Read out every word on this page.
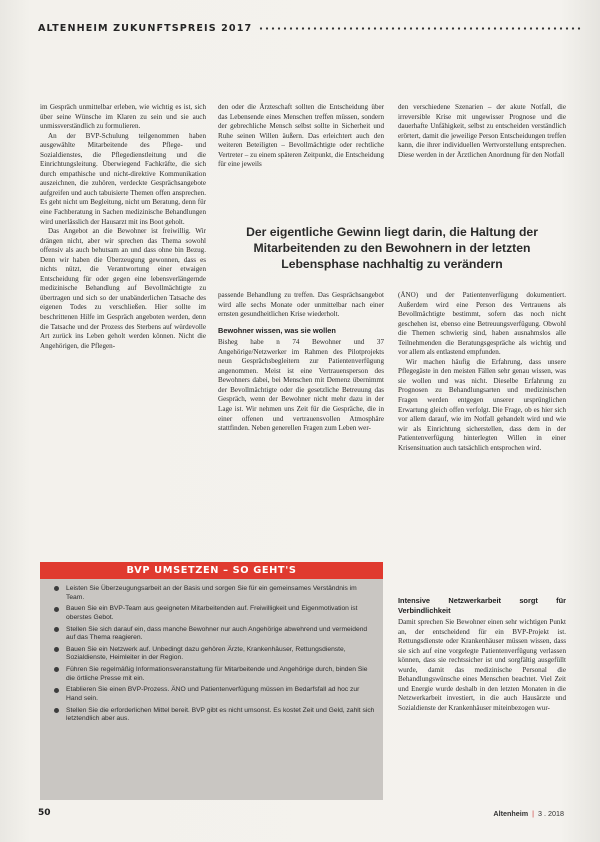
ALTENHEIM ZUKUNFTSPREIS 2017

im Gespräch unmittelbar erleben, wie wichtig es ist, sich über seine Wünsche im Klaren zu sein und sie auch unmissverständlich zu formulieren.

An der BVP-Schulung teilgenommen haben ausgewählte Mitarbeitende des Pflege- und Sozialdienstes, die Pflegedienstleitung und die Einrichtungsleitung. Überwiegend Fachkräfte, die sich durch empathische und nicht-direktive Kommunikation auszeichnen, die zuhören, verdeckte Gesprächsangebote aufgreifen und auch tabuisierte Themen offen ansprechen. Es geht nicht um Begleitung, nicht um Beratung, denn für eine Fachberatung in Sachen medizinische Behandlungen wird unerlässlich der Hausarzt mit ins Boot geholt.

Das Angebot an die Bewohner ist freiwillig. Wir drängen nicht, aber wir sprechen das Thema sowohl offensiv als auch behutsam an und dass ohne bin Bezug. Denn wir haben die Überzeugung gewonnen, dass es nichts nützt, die Verantwortung einer etwaigen Entscheidung für oder gegen eine lebensverlängernde medizinische Behandlung auf Bevollmächtigte zu übertragen und sich so der unabänderlichen Tatsache des eigenen Todes zu verschließen. Hier sollte im beschrittenen Hilfe im Gespräch angeboten werden, denn die Tatsache und der Prozess des Sterbens auf würdevolle Art zurück ins Leben geholt werden können. Nicht die Angehörigen, die Pflegen-

den oder die Ärzteschaft sollten die Entscheidung über das Lebensende eines Menschen treffen müssen, sondern der gebrechliche Mensch selbst sollte in Sicherheit und Ruhe seinen Willen äußern. Das erleichtert auch den weiteren Beteiligten – Bevollmächtigte oder rechtliche Vertreter – zu einem späteren Zeitpunkt, die Entscheidung für eine jeweils

den verschiedene Szenarien – der akute Notfall, die irreversible Krise mit ungewisser Prognose und die dauerhafte Unfähigkeit, selbst zu entscheiden verständlich erörtert, damit die jeweilige Person Entscheidungen treffen kann, die ihrer individuellen Wertvorstellung entsprechen. Diese werden in der Ärztlichen Anordnung für den Notfall

Der eigentliche Gewinn liegt darin, die Haltung der Mitarbeitenden zu den Bewohnern in der letzten Lebensphase nachhaltig zu verändern

passende Behandlung zu treffen. Das Gesprächsangebot wird alle sechs Monate oder unmittelbar nach einer ernsten gesundheitlichen Krise wiederholt.

Bewohner wissen, was sie wollen

Bisheg habe n 74 Bewohner und 37 Angehörige/Netzwerker im Rahmen des Pilotprojekts neun Gesprächsbegleitern zur Patientenverfügung angenommen. Meist ist eine Vertrauensperson des Bewohners dabei, bei Menschen mit Demenz übernimmt der Bevollmächtigte oder die gesetzliche Betreuung das Gespräch, wenn der Bewohner nicht mehr dazu in der Lage ist. Wir nehmen uns Zeit für die Gespräche, die in einer offenen und vertrauensvollen Atmosphäre stattfinden. Neben generellen Fragen zum Leben wer-

(ÄNO) und der Patientenverfügung dokumentiert. Außerdem wird eine Person des Vertrauens als Bevollmächtigte bestimmt, sofern das noch nicht geschehen ist, ebenso eine Betreuungsverfügung. Obwohl die Themen schwierig sind, haben ausnahmslos alle Teilnehmenden die Beratungsgespräche als wichtig und vor allem als entlastend empfunden.

Wir machen häufig die Erfahrung, dass unsere Pflegegäste in den meisten Fällen sehr genau wissen, was sie wollen und was nicht. Dieselbe Erfahrung zu Prognosen zu Behandlungsarten und medizinischen Fragen werden entgegen unserer ursprünglichen Erwartung gleich offen verfolgt. Die Frage, ob es hier sich vor allem darauf, wie im Notfall gehandelt wird und wie wir als Einrichtung sicherstellen, dass dem in der Patientenverfügung hinterlegten Willen in einer Krisensituation auch tatsächlich entsprochen wird.

Intensive Netzwerkarbeit sorgt für Verbindlichkeit

Damit sprechen Sie Bewohner einen sehr wichtigen Punkt an, der entscheidend für ein BVP-Projekt ist. Rettungsdienste oder Krankenhäuser müssen wissen, dass sie sich auf eine vorgelegte Patientenverfügung verlassen können, dass sie rechtssicher ist und sorgfältig ausgefüllt wurde, damit das medizinische Personal die Behandlungswünsche eines Menschen beachtet. Viel Zeit und Energie wurde deshalb in den letzten Monaten in die Netzwerkarbeit investiert, in die auch Hausärzte und Sozialdienste der Krankenhäuser miteinbezogen wur-

BVP UMSETZEN – SO GEHT'S
Leisten Sie Überzeugungsarbeit an der Basis und sorgen Sie für ein gemeinsames Verständnis im Team.
Bauen Sie ein BVP-Team aus geeigneten Mitarbeitenden auf. Freiwilligkeit und Eigenmotivation ist oberstes Gebot.
Stellen Sie sich darauf ein, dass manche Bewohner nur auch Angehörige abwehrend und vermeidend auf das Thema reagieren.
Bauen Sie ein Netzwerk auf. Unbedingt dazu gehören Ärzte, Krankenhäuser, Rettungsdienste, Sozialdienste, Heimleiter in der Region.
Führen Sie regelmäßig Informationsveranstaltung für Mitarbeitende und Angehörige durch, binden Sie die örtliche Presse mit ein.
Etablieren Sie einen BVP-Prozess. ÄNO und Patientenverfügung müssen im Bedarfsfall ad hoc zur Hand sein.
Stellen Sie die erforderlichen Mittel bereit. BVP gibt es nicht umsonst. Es kostet Zeit und Geld, zahlt sich letztendlich aber aus.
50	Altenheim | 3 . 2018
